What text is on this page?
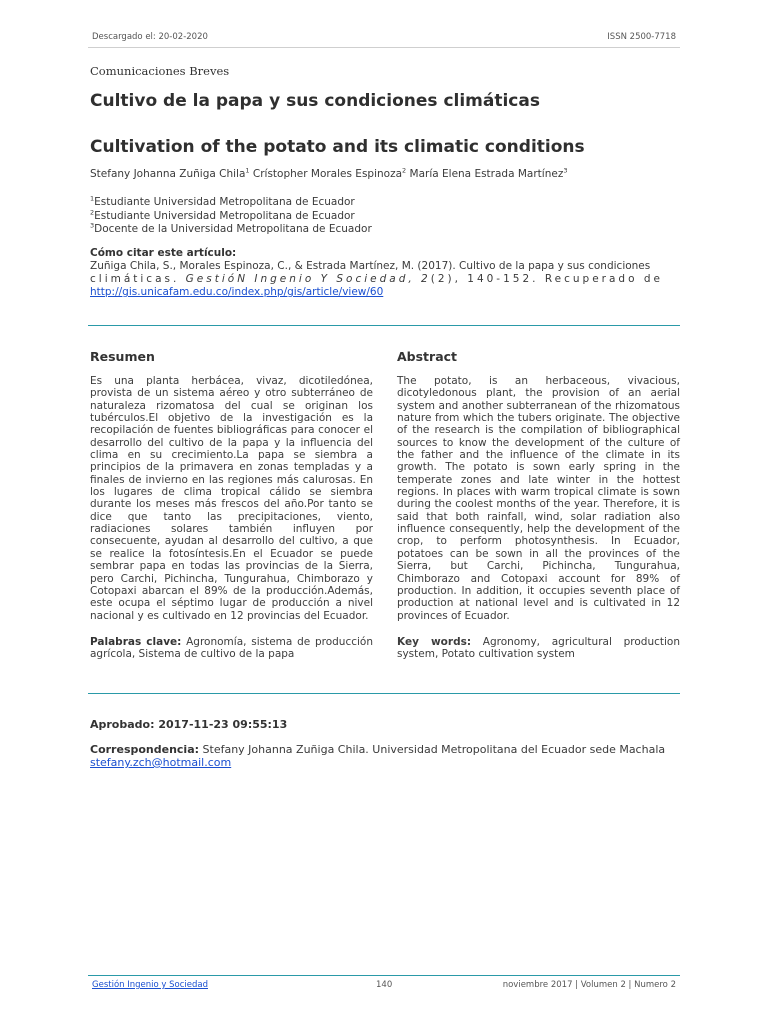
Descargado el: 20-02-2020	ISSN 2500-7718
Comunicaciones Breves
Cultivo de la papa y sus condiciones climáticas
Cultivation of the potato and its climatic conditions
Stefany Johanna Zuñiga Chila$^1$ Crístopher Morales Espinoza$^2$ María Elena Estrada Martínez$^3$
$^1$Estudiante Universidad Metropolitana de Ecuador
$^2$Estudiante Universidad Metropolitana de Ecuador
$^3$Docente de la Universidad Metropolitana de Ecuador
Cómo citar este artículo:
Zuñiga Chila, S., Morales Espinoza, C., & Estrada Martínez, M. (2017). Cultivo de la papa y sus condiciones
climáticas. GestióN Ingenio Y Sociedad, 2(2), 140-152. Recuperado de
http://gis.unicafam.edu.co/index.php/gis/article/view/60
Resumen	Abstract
Es una planta herbácea, vivaz, dicotiledónea, provista de un sistema aéreo y otro subterráneo de naturaleza rizomatosa del cual se originan los tubérculos.El objetivo de la investigación es la recopilación de fuentes bibliográficas para conocer el desarrollo del cultivo de la papa y la influencia del clima en su crecimiento.La papa se siembra a principios de la primavera en zonas templadas y a finales de invierno en las regiones más calurosas. En los lugares de clima tropical cálido se siembra durante los meses más frescos del año.Por tanto se dice que tanto las precipitaciones, viento, radiaciones solares también influyen por consecuente, ayudan al desarrollo del cultivo, a que se realice la fotosíntesis.En el Ecuador se puede sembrar papa en todas las provincias de la Sierra, pero Carchi, Pichincha, Tungurahua, Chimborazo y Cotopaxi abarcan el 89% de la producción.Además, este ocupa el séptimo lugar de producción a nivel nacional y es cultivado en 12 provincias del Ecuador.
Palabras clave: Agronomía, sistema de producción agrícola, Sistema de cultivo de la papa
The potato, is an herbaceous, vivacious, dicotyledonous plant, the provision of an aerial system and another subterranean of the rhizomatous nature from which the tubers originate. The objective of the research is the compilation of bibliographical sources to know the development of the culture of the father and the influence of the climate in its growth. The potato is sown early spring in the temperate zones and late winter in the hottest regions. In places with warm tropical climate is sown during the coolest months of the year. Therefore, it is said that both rainfall, wind, solar radiation also influence consequently, help the development of the crop, to perform photosynthesis. In Ecuador, potatoes can be sown in all the provinces of the Sierra, but Carchi, Pichincha, Tungurahua, Chimborazo and Cotopaxi account for 89% of production. In addition, it occupies seventh place of production at national level and is cultivated in 12 provinces of Ecuador.
Key words: Agronomy, agricultural production system, Potato cultivation system
Aprobado: 2017-11-23 09:55:13
Correspondencia: Stefany Johanna Zuñiga Chila. Universidad Metropolitana del Ecuador sede Machala
stefany.zch@hotmail.com
Gestión Ingenio y Sociedad	140	noviembre 2017 | Volumen 2 | Numero 2
